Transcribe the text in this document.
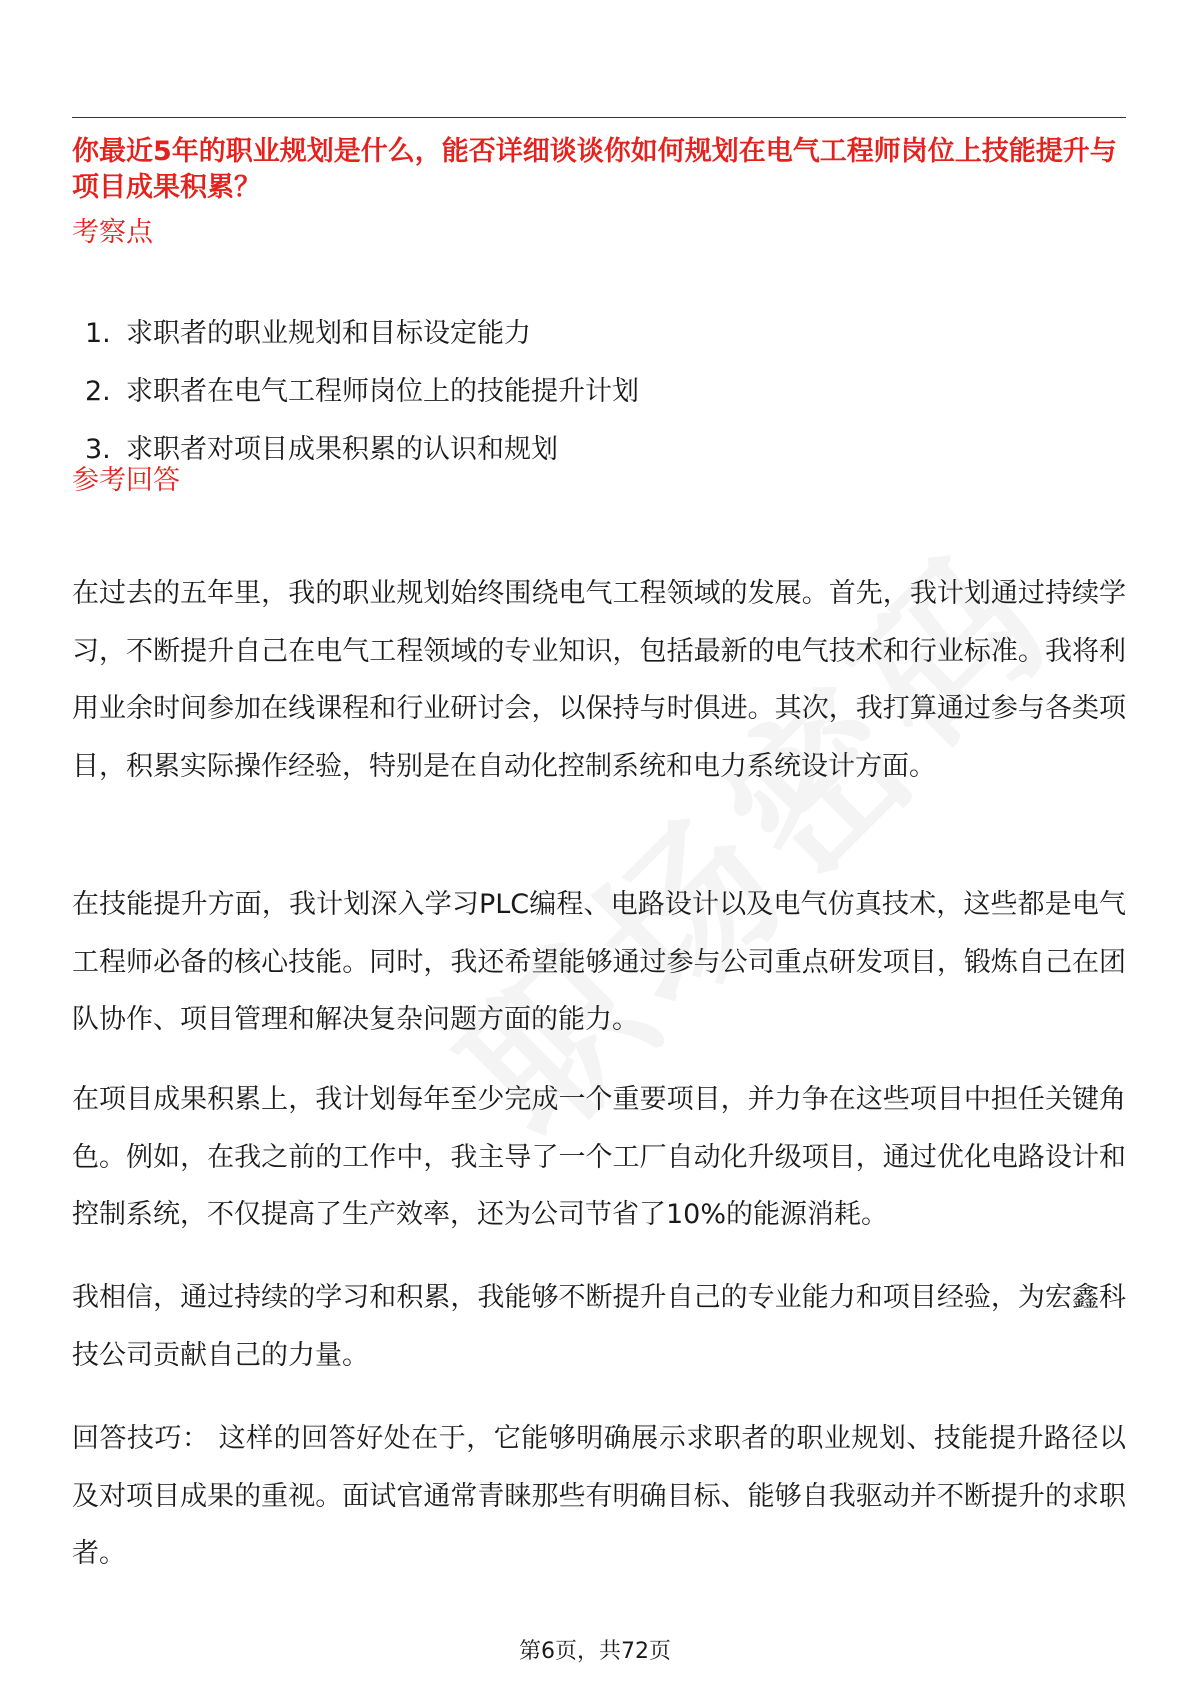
你最近5年的职业规划是什么，能否详细谈谈你如何规划在电气工程师岗位上技能提升与项目成果积累？
考察点
1. 求职者的职业规划和目标设定能力
2. 求职者在电气工程师岗位上的技能提升计划
3. 求职者对项目成果积累的认识和规划
参考回答

在过去的五年里，我的职业规划始终围绕电气工程领域的发展。首先，我计划通过持续学习，不断提升自己在电气工程领域的专业知识，包括最新的电气技术和行业标准。我将利用业余时间参加在线课程和行业研讨会，以保持与时俱进。其次，我打算通过参与各类项目，积累实际操作经验，特别是在自动化控制系统和电力系统设计方面。

在技能提升方面，我计划深入学习PLC编程、电路设计以及电气仿真技术，这些都是电气工程师必备的核心技能。同时，我还希望能够通过参与公司重点研发项目，锻炼自己在团队协作、项目管理和解决复杂问题方面的能力。

在项目成果积累上，我计划每年至少完成一个重要项目，并力争在这些项目中担任关键角色。例如，在我之前的工作中，我主导了一个工厂自动化升级项目，通过优化电路设计和控制系统，不仅提高了生产效率，还为公司节省了10%的能源消耗。

我相信，通过持续的学习和积累，我能够不断提升自己的专业能力和项目经验，为宏鑫科技公司贡献自己的力量。

回答技巧： 这样的回答好处在于，它能够明确展示求职者的职业规划、技能提升路径以及对项目成果的重视。面试官通常青睐那些有明确目标、能够自我驱动并不断提升的求职者。

第6页，共72页
